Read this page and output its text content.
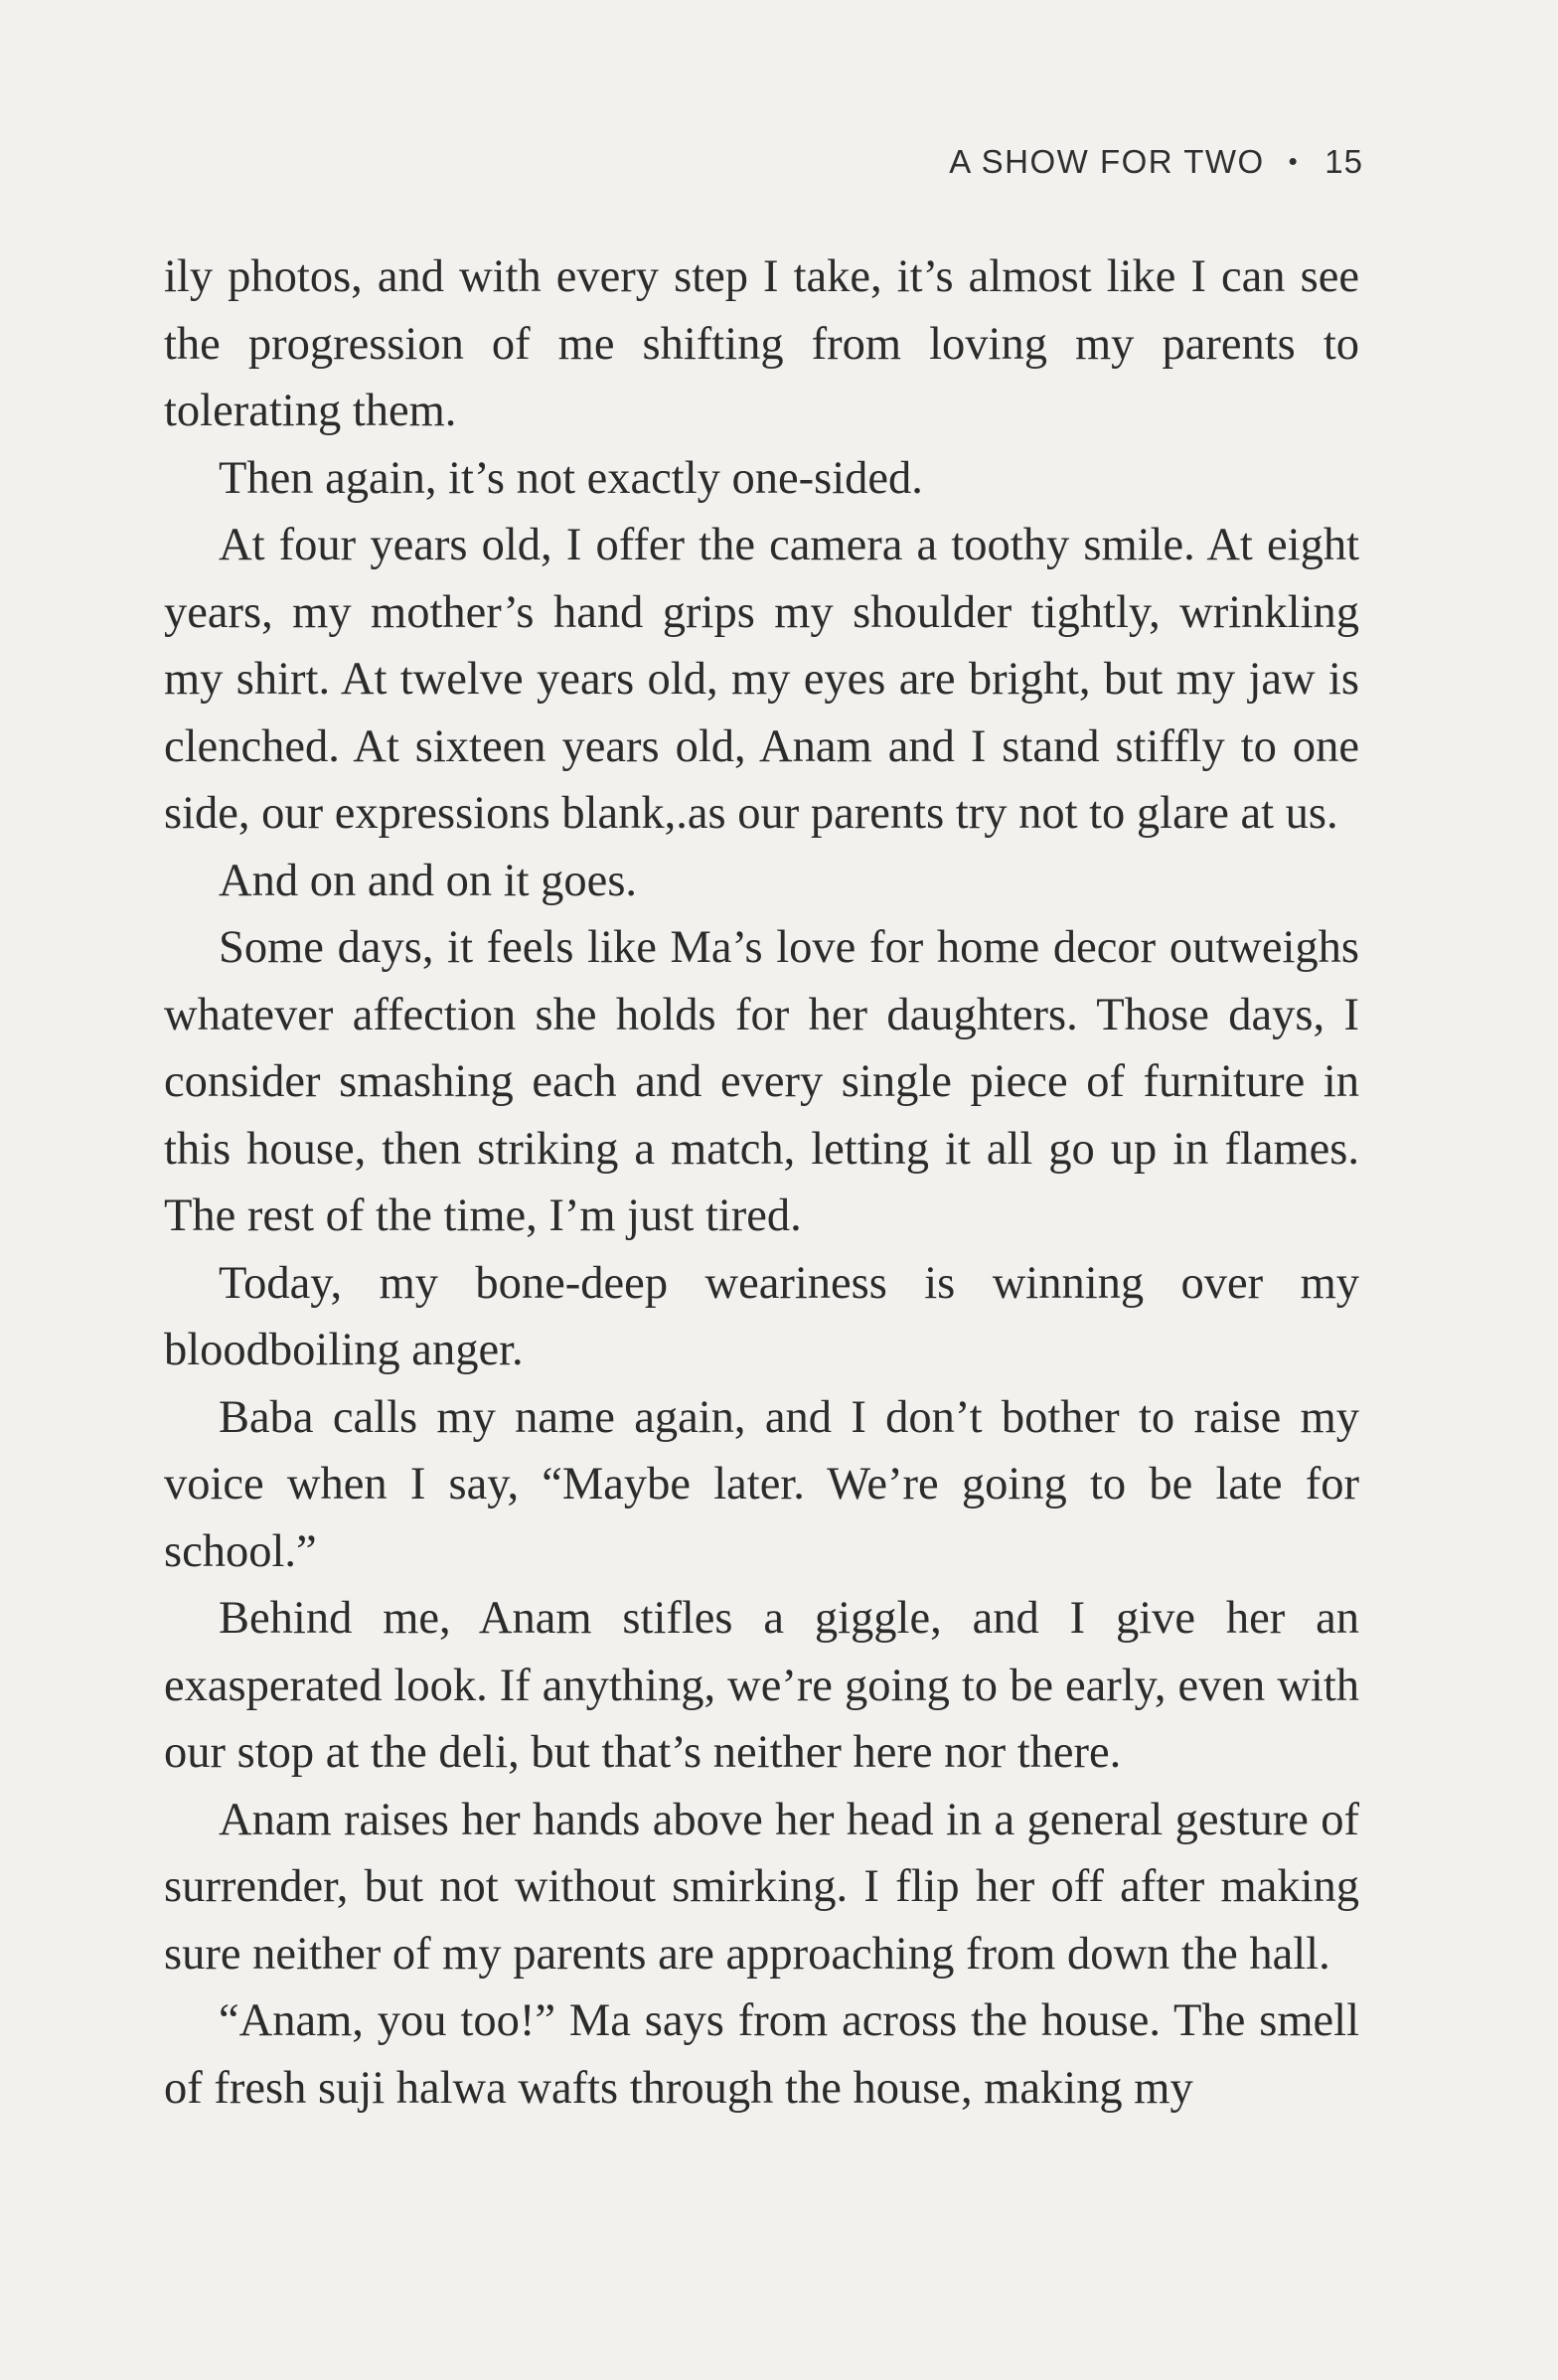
A SHOW FOR TWO • 15

ily photos, and with every step I take, it’s almost like I can see the progression of me shifting from loving my parents to tolerating them.

Then again, it’s not exactly one-sided.

At four years old, I offer the camera a toothy smile. At eight years, my mother’s hand grips my shoulder tightly, wrinkling my shirt. At twelve years old, my eyes are bright, but my jaw is clenched. At sixteen years old, Anam and I stand stiffly to one side, our expressions blank,.as our parents try not to glare at us.

And on and on it goes.

Some days, it feels like Ma’s love for home decor outweighs whatever affection she holds for her daughters. Those days, I consider smashing each and every single piece of furniture in this house, then striking a match, letting it all go up in flames. The rest of the time, I’m just tired.

Today, my bone-deep weariness is winning over my bloodboiling anger.

Baba calls my name again, and I don’t bother to raise my voice when I say, “Maybe later. We’re going to be late for school.”

Behind me, Anam stifles a giggle, and I give her an exasperated look. If anything, we’re going to be early, even with our stop at the deli, but that’s neither here nor there.

Anam raises her hands above her head in a general gesture of surrender, but not without smirking. I flip her off after making sure neither of my parents are approaching from down the hall.

“Anam, you too!” Ma says from across the house. The smell of fresh suji halwa wafts through the house, making my
